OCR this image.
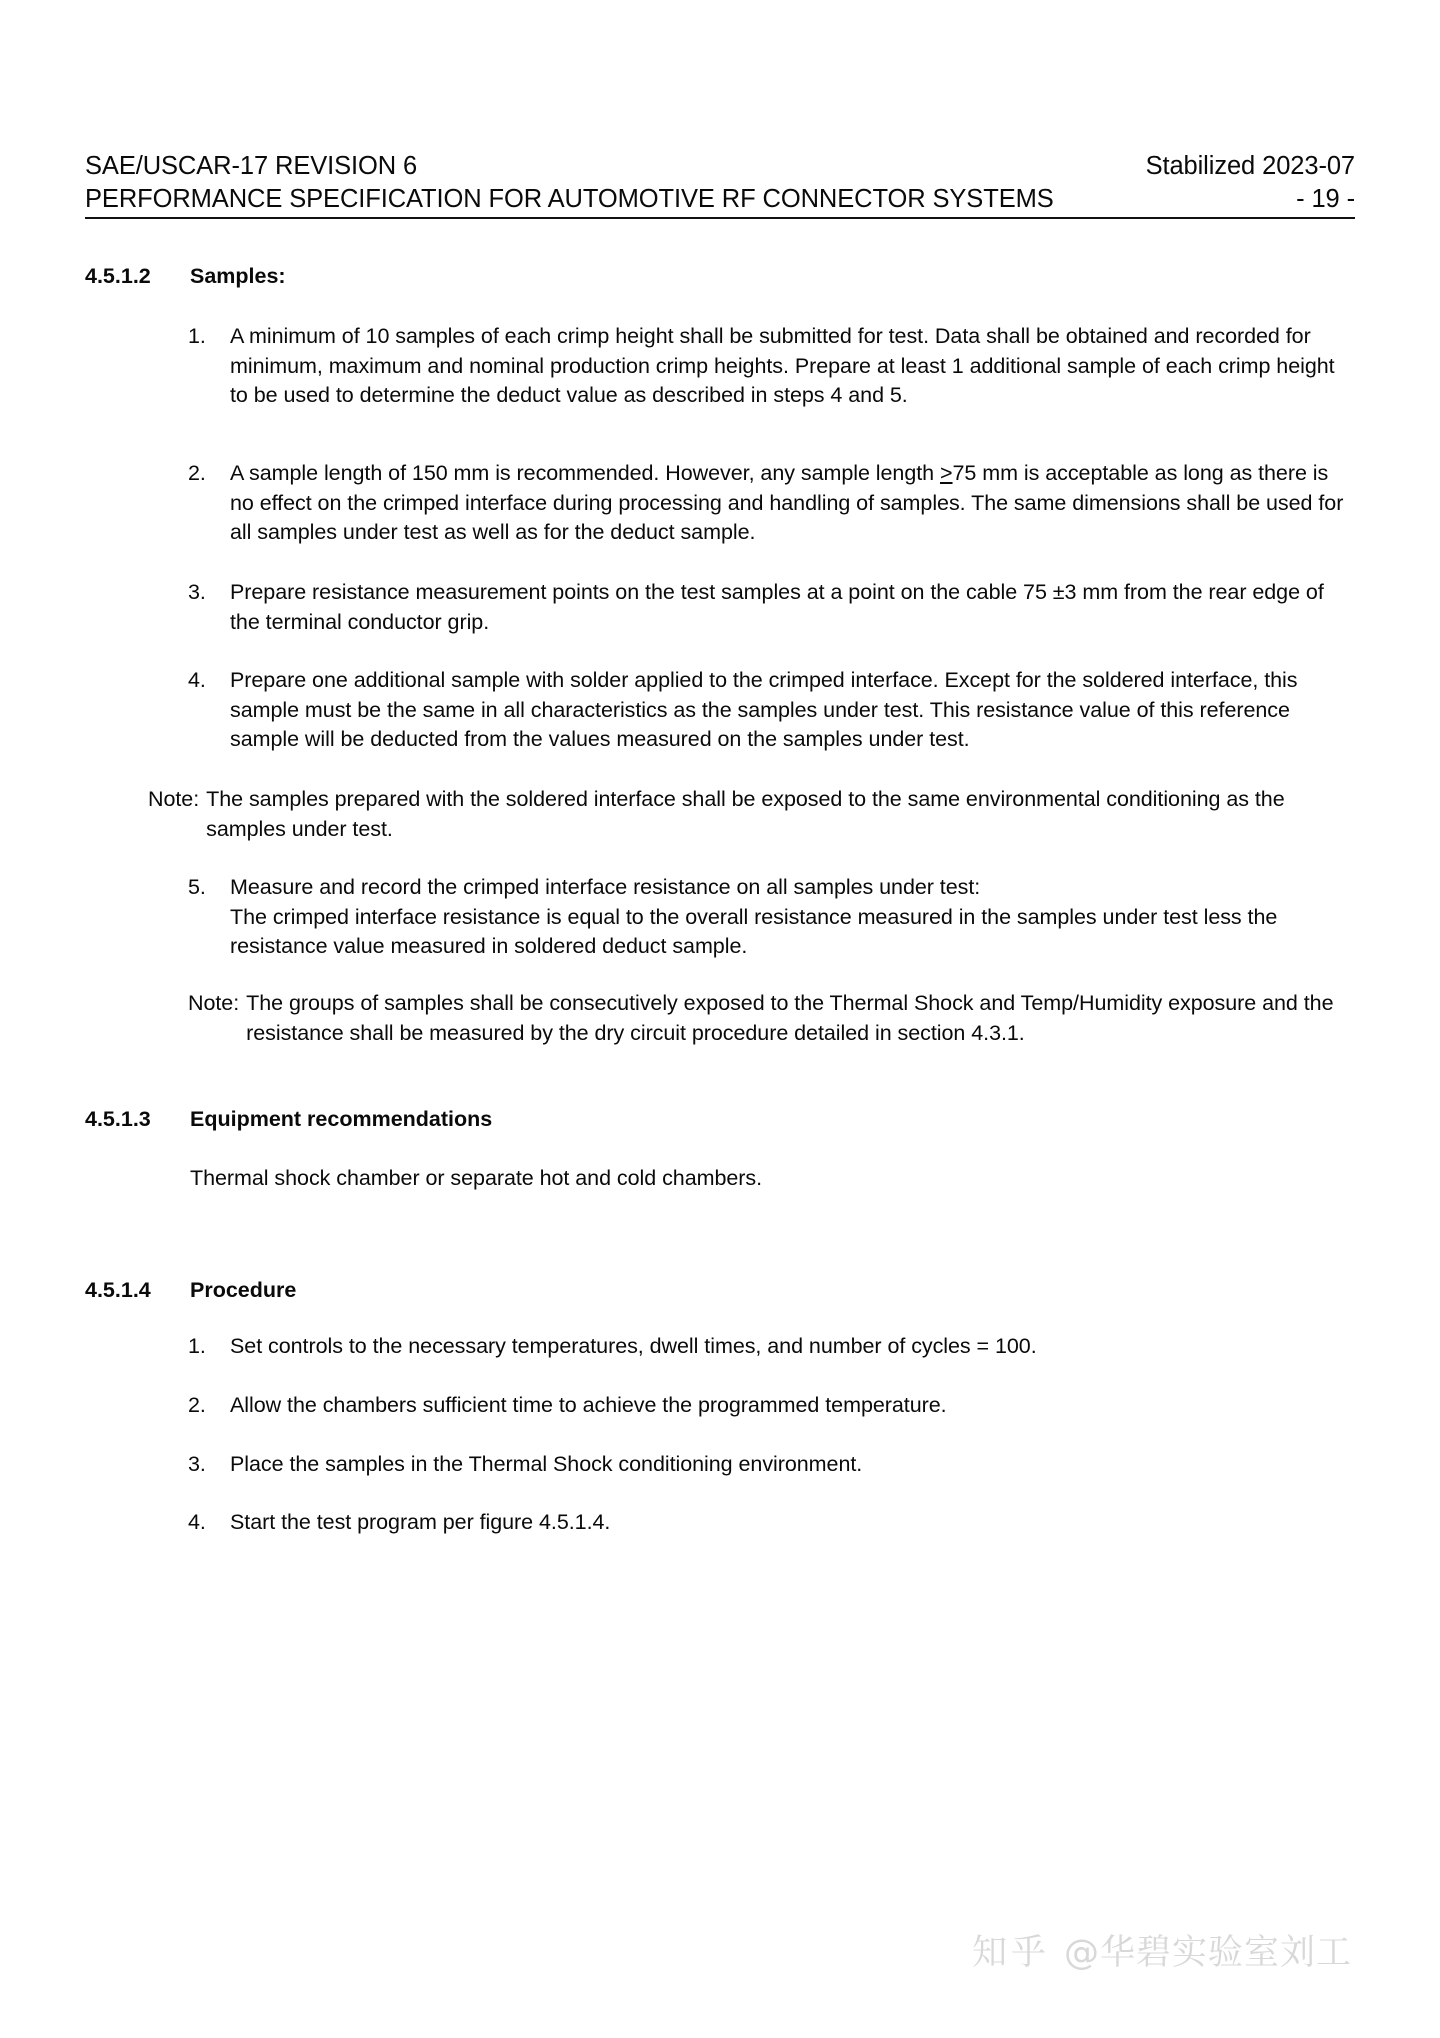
SAE/USCAR-17 REVISION 6	Stabilized 2023-07
PERFORMANCE SPECIFICATION FOR AUTOMOTIVE RF CONNECTOR SYSTEMS	- 19 -
4.5.1.2	Samples:
1.	A minimum of 10 samples of each crimp height shall be submitted for test. Data shall be obtained and recorded for minimum, maximum and nominal production crimp heights. Prepare at least 1 additional sample of each crimp height to be used to determine the deduct value as described in steps 4 and 5.
2.	A sample length of 150 mm is recommended. However, any sample length ≥75 mm is acceptable as long as there is no effect on the crimped interface during processing and handling of samples. The same dimensions shall be used for all samples under test as well as for the deduct sample.
3.	Prepare resistance measurement points on the test samples at a point on the cable 75 ±3 mm from the rear edge of the terminal conductor grip.
4.	Prepare one additional sample with solder applied to the crimped interface. Except for the soldered interface, this sample must be the same in all characteristics as the samples under test. This resistance value of this reference sample will be deducted from the values measured on the samples under test.
Note: The samples prepared with the soldered interface shall be exposed to the same environmental conditioning as the samples under test.
5.	Measure and record the crimped interface resistance on all samples under test:
The crimped interface resistance is equal to the overall resistance measured in the samples under test less the resistance value measured in soldered deduct sample.
Note: The groups of samples shall be consecutively exposed to the Thermal Shock and Temp/Humidity exposure and the resistance shall be measured by the dry circuit procedure detailed in section 4.3.1.
4.5.1.3	Equipment recommendations
Thermal shock chamber or separate hot and cold chambers.
4.5.1.4	Procedure
1.	Set controls to the necessary temperatures, dwell times, and number of cycles = 100.
2.	Allow the chambers sufficient time to achieve the programmed temperature.
3.	Place the samples in the Thermal Shock conditioning environment.
4.	Start the test program per figure 4.5.1.4.
知乎 @华碧实验室刘工
